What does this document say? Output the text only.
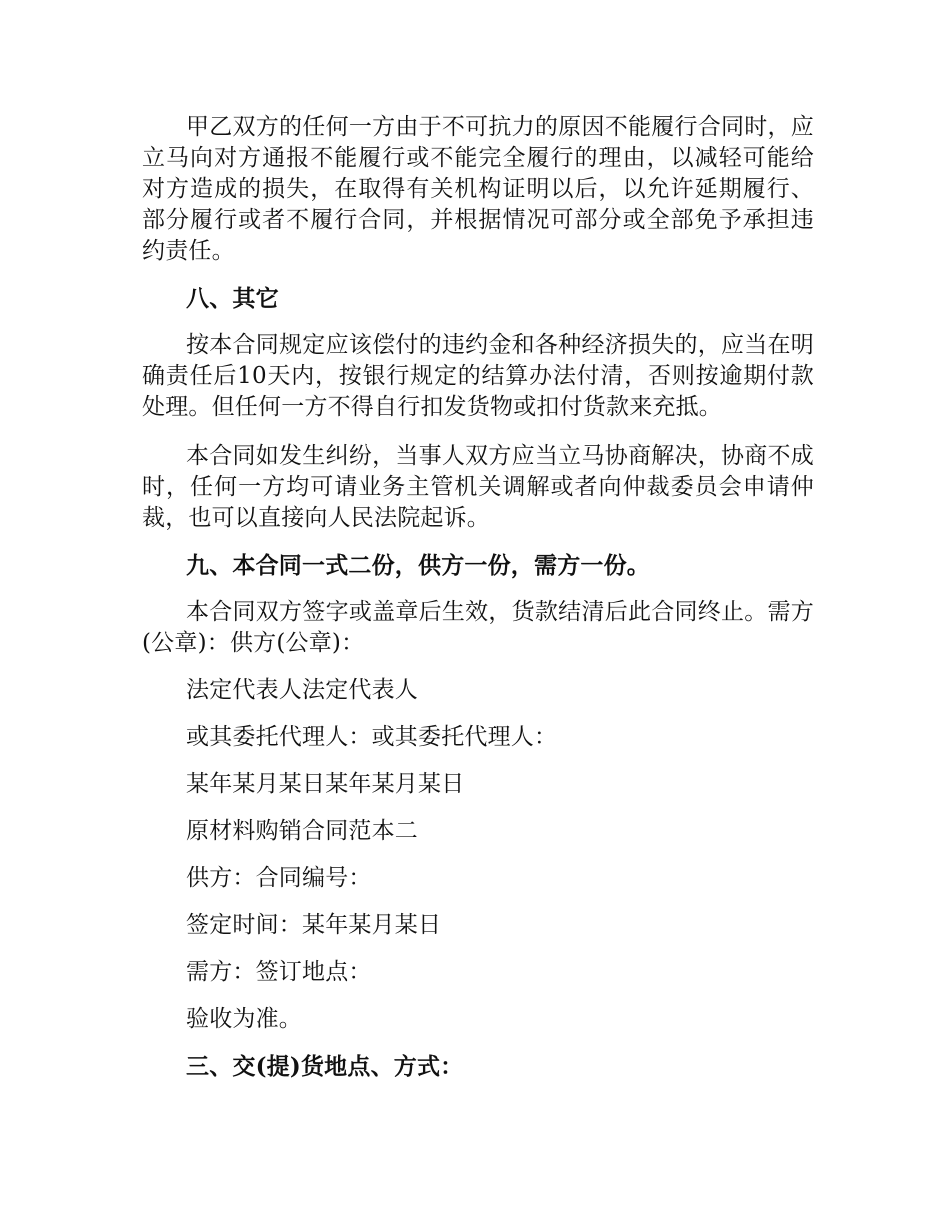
甲乙双方的任何一方由于不可抗力的原因不能履行合同时，应立马向对方通报不能履行或不能完全履行的理由，以减轻可能给对方造成的损失，在取得有关机构证明以后，以允许延期履行、部分履行或者不履行合同，并根据情况可部分或全部免予承担违约责任。

八、其它

按本合同规定应该偿付的违约金和各种经济损失的，应当在明确责任后10天内，按银行规定的结算办法付清，否则按逾期付款处理。但任何一方不得自行扣发货物或扣付货款来充抵。

本合同如发生纠纷，当事人双方应当立马协商解决，协商不成时，任何一方均可请业务主管机关调解或者向仲裁委员会申请仲裁，也可以直接向人民法院起诉。

九、本合同一式二份，供方一份，需方一份。

本合同双方签字或盖章后生效，货款结清后此合同终止。需方(公章)：供方(公章)：

法定代表人法定代表人

或其委托代理人：或其委托代理人：

某年某月某日某年某月某日

原材料购销合同范本二

供方：合同编号：

签定时间：某年某月某日

需方：签订地点：

验收为准。

三、交(提)货地点、方式：
